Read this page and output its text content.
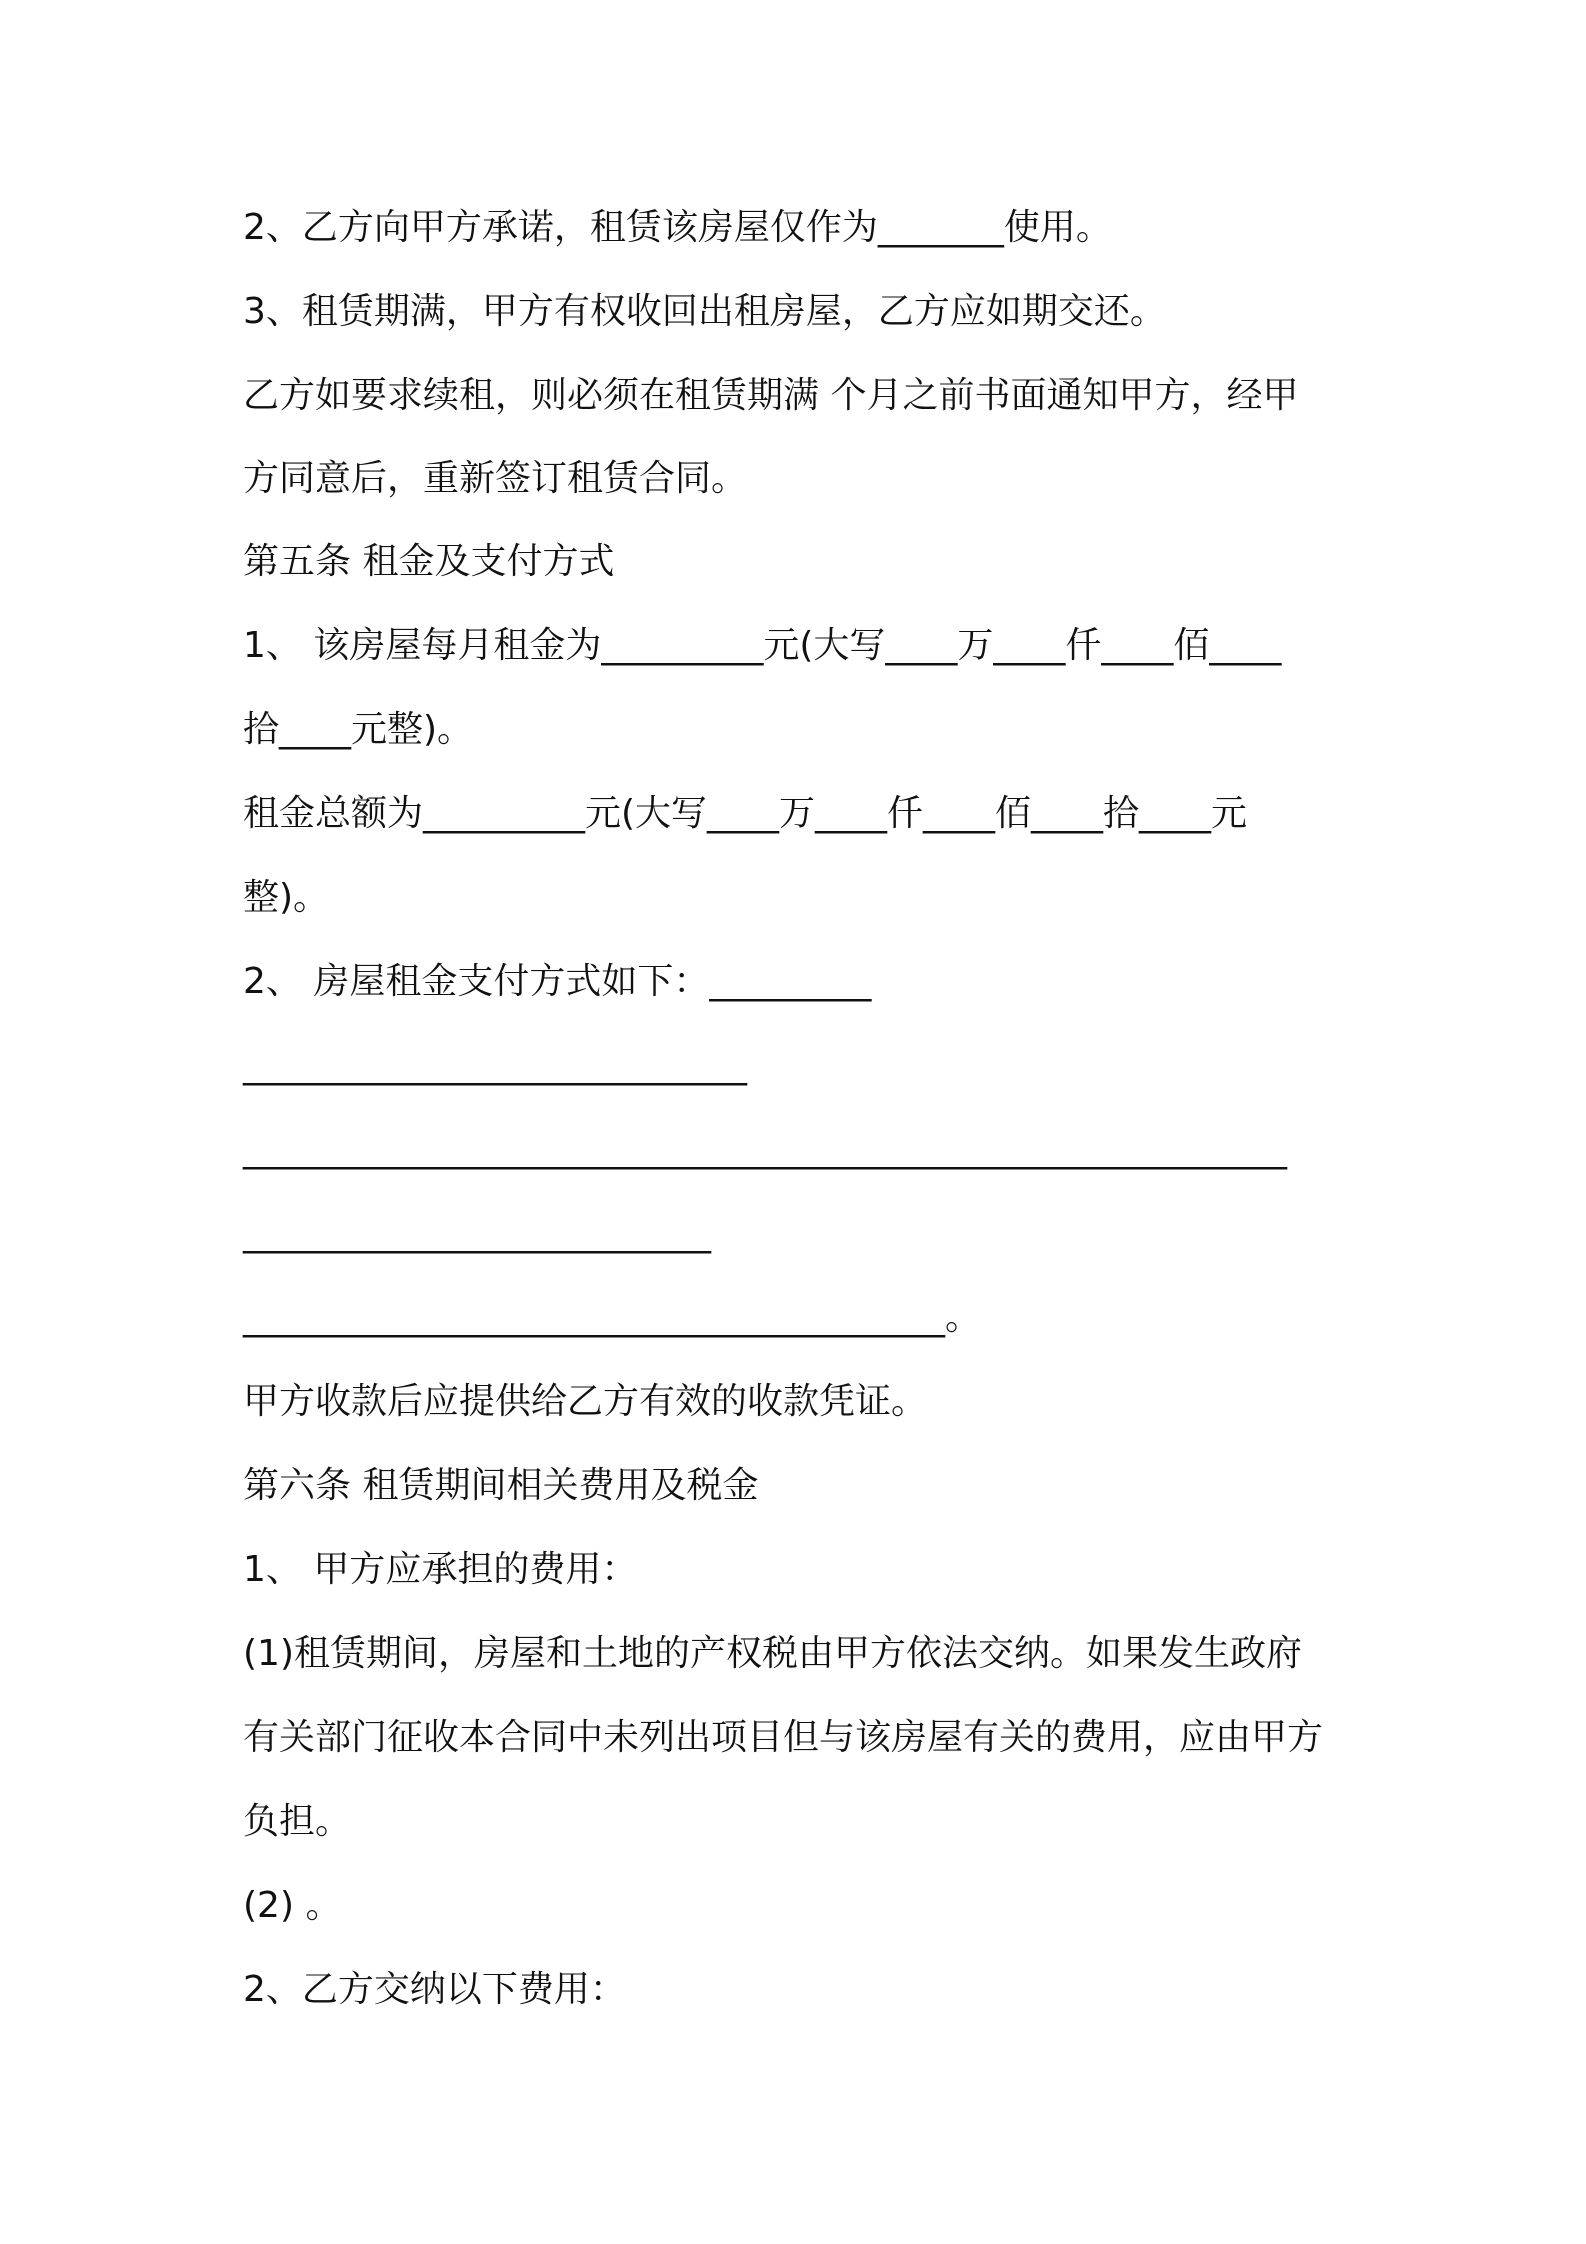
2、乙方向甲方承诺，租赁该房屋仅作为_______使用。

3、租赁期满，甲方有权收回出租房屋，乙方应如期交还。

乙方如要求续租，则必须在租赁期满 个月之前书面通知甲方，经甲

方同意后，重新签订租赁合同。

第五条 租金及支付方式

1、 该房屋每月租金为_________元(大写____万____仟____佰____

拾____元整)。

租金总额为_________元(大写____万____仟____佰____拾____元

整)。

2、 房屋租金支付方式如下：_________

____________________________

__________________________________________________________

__________________________

_______________________________________。

甲方收款后应提供给乙方有效的收款凭证。

第六条 租赁期间相关费用及税金

1、 甲方应承担的费用：

(1)租赁期间，房屋和土地的产权税由甲方依法交纳。如果发生政府

有关部门征收本合同中未列出项目但与该房屋有关的费用，应由甲方

负担。

(2) 。

2、乙方交纳以下费用：
